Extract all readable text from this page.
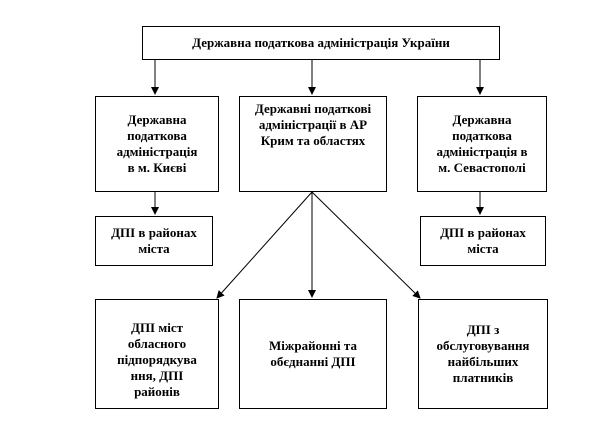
Державна податкова адміністрація України
Державна
податкова
адміністрація
в м. Києві
Державні податкові
адміністрації в АР
Крим та областях
Державна
податкова
адміністрація в
м. Севастополі
ДПІ в районах
міста
ДПІ в районах
міста
ДПІ міст
обласного
підпорядкува
ння, ДПІ
районів
Міжрайонні та
обєднанні ДПІ
ДПІ з
обслуговування
найбільших
платників
